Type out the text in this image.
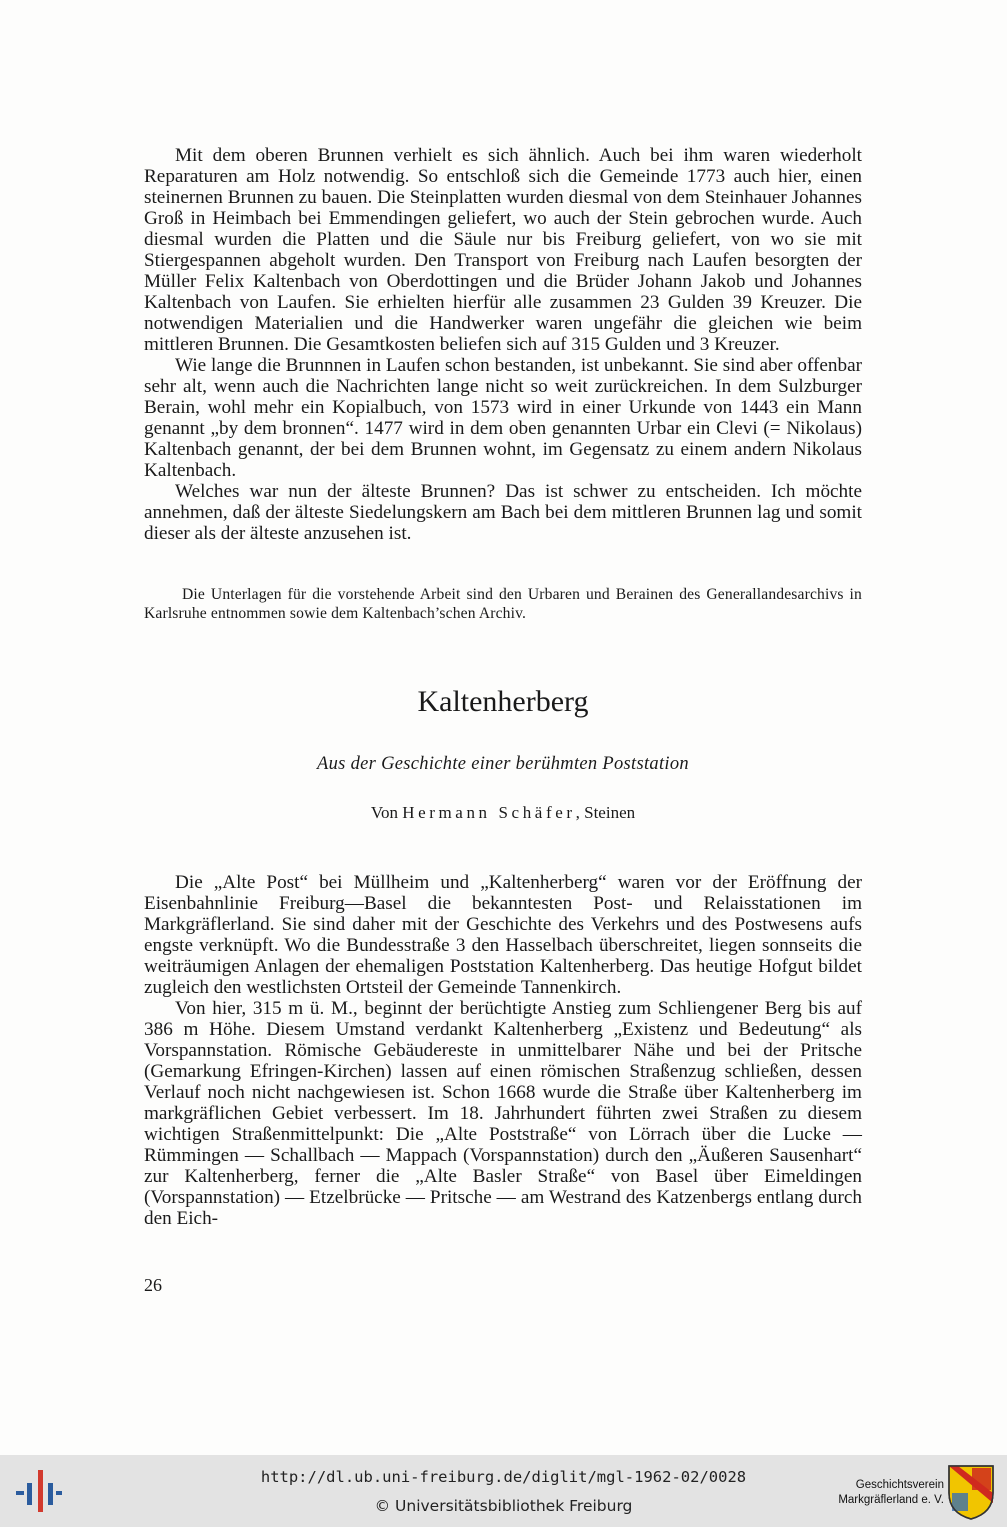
Mit dem oberen Brunnen verhielt es sich ähnlich. Auch bei ihm waren wiederholt Reparaturen am Holz notwendig. So entschloß sich die Gemeinde 1773 auch hier, einen steinernen Brunnen zu bauen. Die Steinplatten wurden diesmal von dem Steinhauer Johannes Groß in Heimbach bei Emmendingen geliefert, wo auch der Stein gebrochen wurde. Auch diesmal wurden die Platten und die Säule nur bis Freiburg geliefert, von wo sie mit Stiergespannen abgeholt wurden. Den Transport von Freiburg nach Laufen besorgten der Müller Felix Kaltenbach von Oberdottingen und die Brüder Johann Jakob und Johannes Kaltenbach von Laufen. Sie erhielten hierfür alle zusammen 23 Gulden 39 Kreuzer. Die notwendigen Materialien und die Handwerker waren ungefähr die gleichen wie beim mittleren Brunnen. Die Gesamtkosten beliefen sich auf 315 Gulden und 3 Kreuzer.

Wie lange die Brunnnen in Laufen schon bestanden, ist unbekannt. Sie sind aber offenbar sehr alt, wenn auch die Nachrichten lange nicht so weit zurückreichen. In dem Sulzburger Berain, wohl mehr ein Kopialbuch, von 1573 wird in einer Urkunde von 1443 ein Mann genannt „by dem bronnen“. 1477 wird in dem oben genannten Urbar ein Clevi (= Nikolaus) Kaltenbach genannt, der bei dem Brunnen wohnt, im Gegensatz zu einem andern Nikolaus Kaltenbach.

Welches war nun der älteste Brunnen? Das ist schwer zu entscheiden. Ich möchte annehmen, daß der älteste Siedelungskern am Bach bei dem mittleren Brunnen lag und somit dieser als der älteste anzusehen ist.

Die Unterlagen für die vorstehende Arbeit sind den Urbaren und Berainen des Generallandesarchivs in Karlsruhe entnommen sowie dem Kaltenbach’schen Archiv.

Kaltenherberg

Aus der Geschichte einer berühmten Poststation

Von Hermann Schäfer, Steinen

Die „Alte Post“ bei Müllheim und „Kaltenherberg“ waren vor der Eröffnung der Eisenbahnlinie Freiburg—Basel die bekanntesten Post- und Relaisstationen im Markgräflerland. Sie sind daher mit der Geschichte des Verkehrs und des Postwesens aufs engste verknüpft. Wo die Bundesstraße 3 den Hasselbach überschreitet, liegen sonnseits die weiträumigen Anlagen der ehemaligen Poststation Kaltenherberg. Das heutige Hofgut bildet zugleich den westlichsten Ortsteil der Gemeinde Tannenkirch.

Von hier, 315 m ü. M., beginnt der berüchtigte Anstieg zum Schliengener Berg bis auf 386 m Höhe. Diesem Umstand verdankt Kaltenherberg „Existenz und Bedeutung“ als Vorspannstation. Römische Gebäudereste in unmittelbarer Nähe und bei der Pritsche (Gemarkung Efringen-Kirchen) lassen auf einen römischen Straßenzug schließen, dessen Verlauf noch nicht nachgewiesen ist. Schon 1668 wurde die Straße über Kaltenherberg im markgräflichen Gebiet verbessert. Im 18. Jahrhundert führten zwei Straßen zu diesem wichtigen Straßenmittelpunkt: Die „Alte Poststraße“ von Lörrach über die Lucke — Rümmingen — Schallbach — Mappach (Vorspannstation) durch den „Äußeren Sausenhart“ zur Kaltenherberg, ferner die „Alte Basler Straße“ von Basel über Eimeldingen (Vorspannstation) — Etzelbrücke — Pritsche — am Westrand des Katzenbergs entlang durch den Eich-

26

http://dl.ub.uni-freiburg.de/diglit/mgl-1962-02/0028
© Universitätsbibliothek Freiburg
Geschichtsverein
Markgräflerland e. V.
